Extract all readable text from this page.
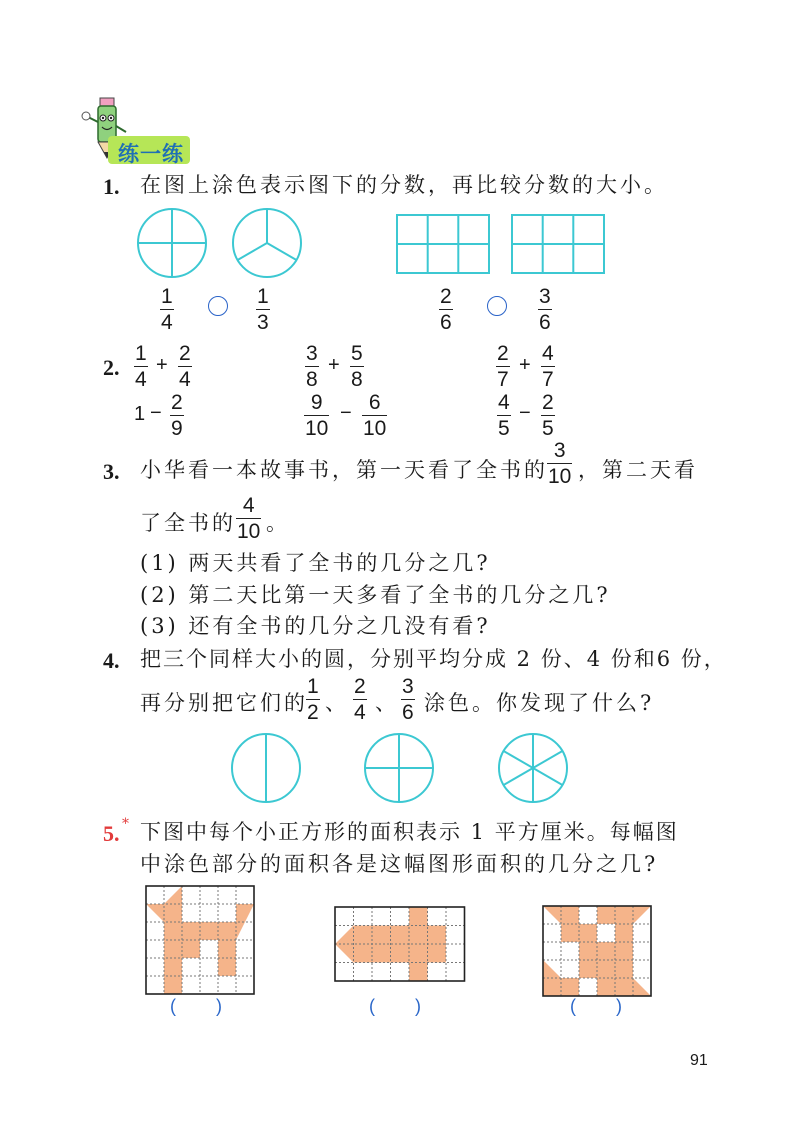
练一练
1. 在图上涂色表示图下的分数，再比较分数的大小。
1
4
1
3
2
6
3
6
2.
1
4
+ 2
4
3
8
+ 5
8
2
7
+ 4
7
1 − 2
9
9
10
− 6
10
4
5
− 2
5
3. 小华看一本故事书，第一天看了全书的
3
10 ，第二天看
了全书的
4
10 。
(1) 两天共看了全书的几分之几?
(2) 第二天比第一天多看了全书的几分之几?
(3) 还有全书的几分之几没有看?
4. 把三个同样大小的圆，分别平均分成 2 份、4 份和6 份，
再分别把它们的
1
2 、
2
4 、
3
6 涂色。你发现了什么?
5. * 下图中每个小正方形的面积表示 1 平方厘米。每幅图
中涂色部分的面积各是这幅图形面积的几分之几?
(        )	(        )	(        )
91
